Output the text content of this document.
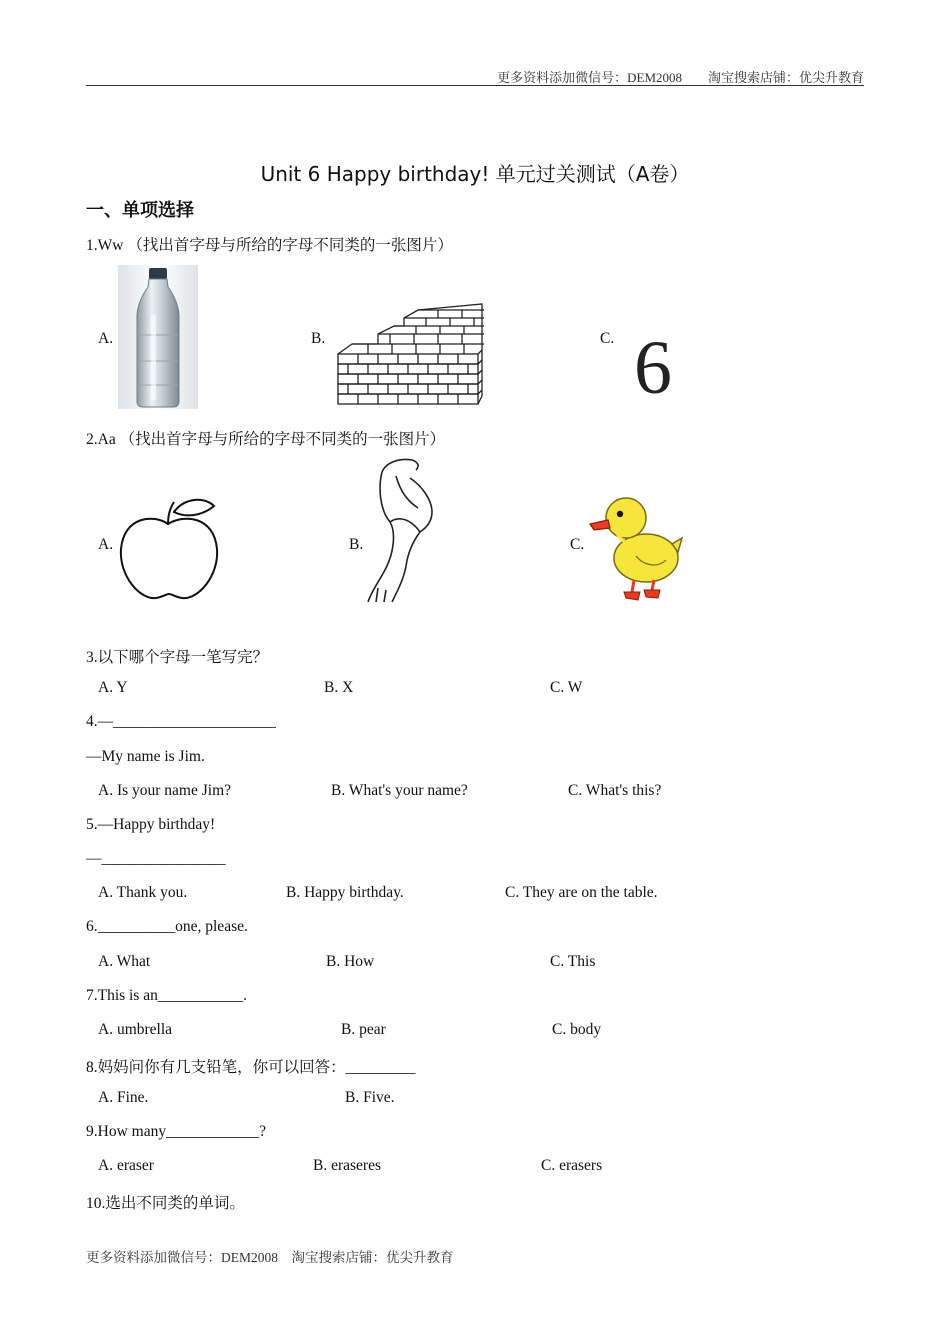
更多资料添加微信号：DEM2008　　淘宝搜索店铺：优尖升教育
Unit 6 Happy birthday! 单元过关测试（A卷）
一、单项选择
1.Ww （找出首字母与所给的字母不同类的一张图片）
A.	B.	C. 6
2.Aa （找出首字母与所给的字母不同类的一张图片）
A.	B.	C.
3.以下哪个字母一笔写完？
A. Y	B. X	C. W
4.—_____________________
—My name is Jim.
A. Is your name Jim?	B. What's your name?	C. What's this?
5.—Happy birthday!
—________________
A. Thank you.	B. Happy birthday.	C. They are on the table.
6.__________one, please.
A. What	B. How	C. This
7.This is an___________.
A. umbrella	B. pear	C. body
8.妈妈问你有几支铅笔，你可以回答：_________
A. Fine.	B. Five.
9.How many____________?
A. eraser	B. eraseres	C. erasers
10.选出不同类的单词。
更多资料添加微信号：DEM2008　淘宝搜索店铺：优尖升教育
